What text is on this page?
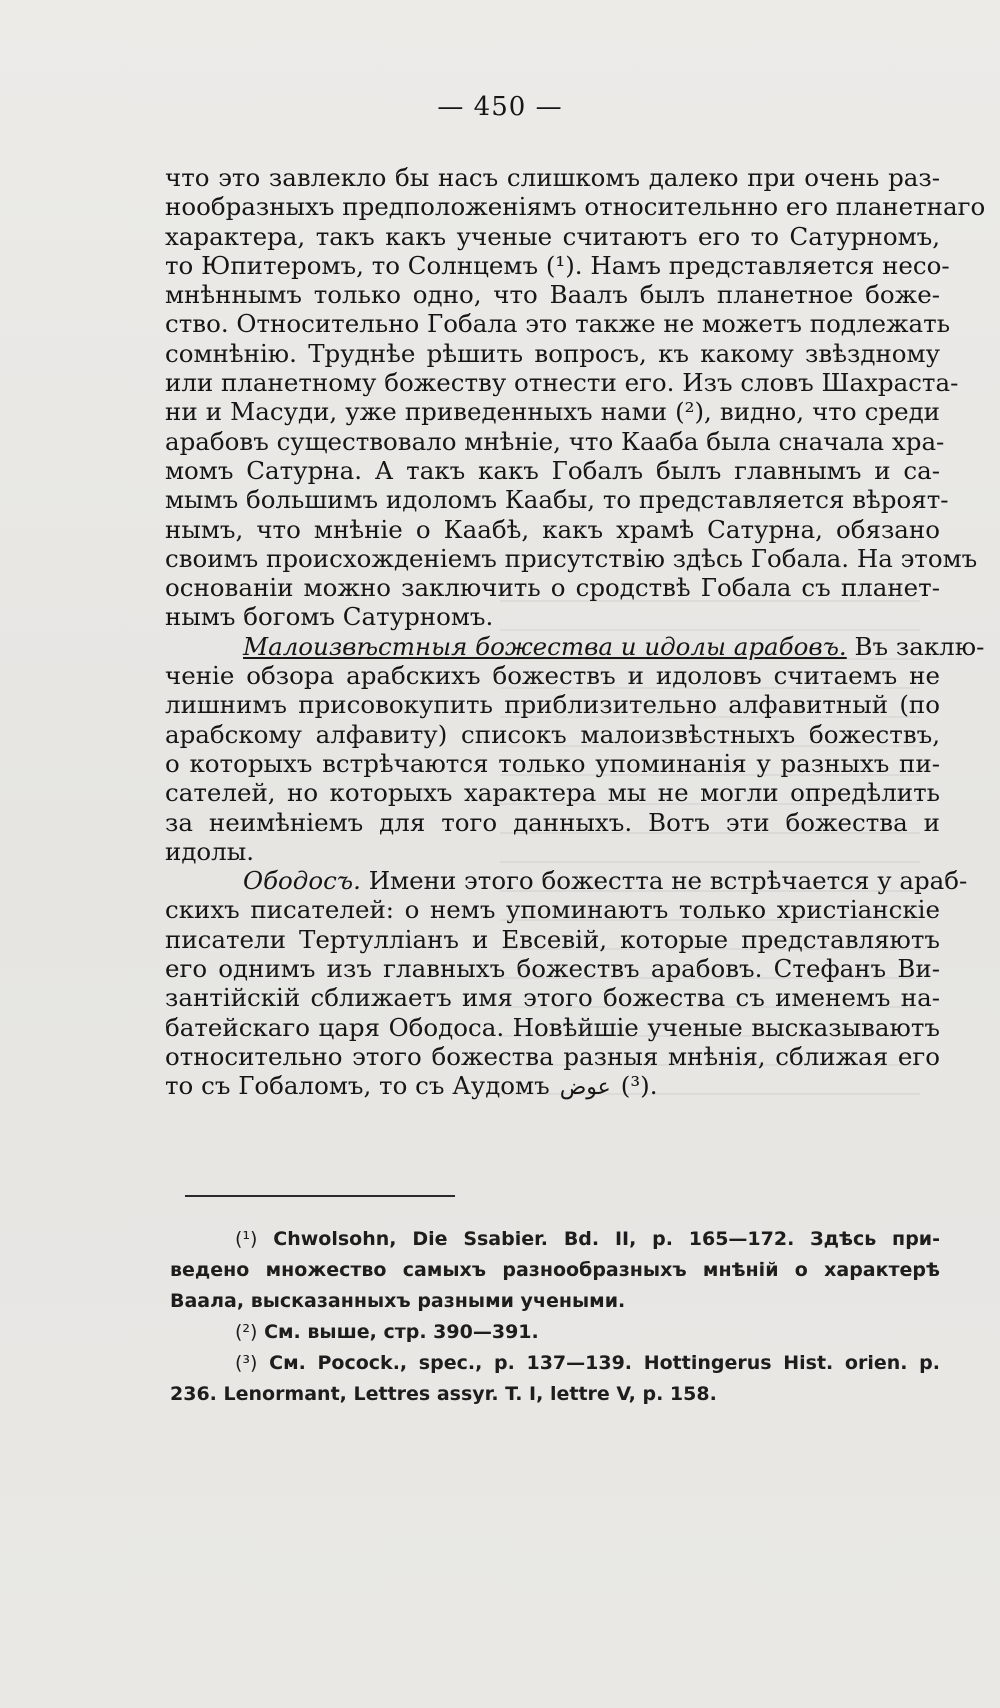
— 450 —
что это завлекло бы насъ слишкомъ далеко при очень раз-
нообразныхъ предположеніямъ относительнно его планетнаго
характера, такъ какъ ученые считаютъ его то Сатурномъ,
то Юпитеромъ, то Солнцемъ (¹). Намъ представляется несо-
мнѣннымъ только одно, что Ваалъ былъ планетное боже-
ство. Относительно Гобала это также не можетъ подлежать
сомнѣнію. Труднѣе рѣшить вопросъ, къ какому звѣздному
или планетному божеству отнести его. Изъ словъ Шахраста-
ни и Масуди, уже приведенныхъ нами (²), видно, что среди
арабовъ существовало мнѣніе, что Кааба была сначала хра-
момъ Сатурна. А такъ какъ Гобалъ былъ главнымъ и са-
мымъ большимъ идоломъ Каабы, то представляется вѣроят-
нымъ, что мнѣніе о Каабѣ, какъ храмѣ Сатурна, обязано
своимъ происхожденіемъ присутствію здѣсь Гобала. На этомъ
основаніи можно заключить о сродствѣ Гобала съ планет-
нымъ богомъ Сатурномъ.
Малоизвѣстныя божества и идолы арабовъ. Въ заклю-
ченіе обзора арабскихъ божествъ и идоловъ считаемъ не
лишнимъ присовокупить приблизительно алфавитный (по
арабскому алфавиту) списокъ малоизвѣстныхъ божествъ,
о которыхъ встрѣчаются только упоминанія у разныхъ пи-
сателей, но которыхъ характера мы не могли опредѣлить
за неимѣніемъ для того данныхъ. Вотъ эти божества и
идолы.
Ободосъ. Имени этого божестта не встрѣчается у араб-
скихъ писателей: о немъ упоминаютъ только христіанскіе
писатели Тертулліанъ и Евсевій, которые представляютъ
его однимъ изъ главныхъ божествъ арабовъ. Стефанъ Ви-
зантійскій сближаетъ имя этого божества съ именемъ на-
батейскаго царя Ободоса. Новѣйшіе ученые высказываютъ
относительно этого божества разныя мнѣнія, сближая его
то съ Гобаломъ, то съ Аудомъ عوض (³).
(¹) Chwolsohn, Die Ssabier. Bd. II, p. 165—172. Здѣсь при-
ведено множество самыхъ разнообразныхъ мнѣній о характерѣ
Ваала, высказанныхъ разными учеными.
(²) См. выше, стр. 390—391.
(³) См. Pocock., spec., p. 137—139. Hottingerus Hist. orien. p.
236. Lenormant, Lettres assyr. T. I, lettre V, p. 158.
